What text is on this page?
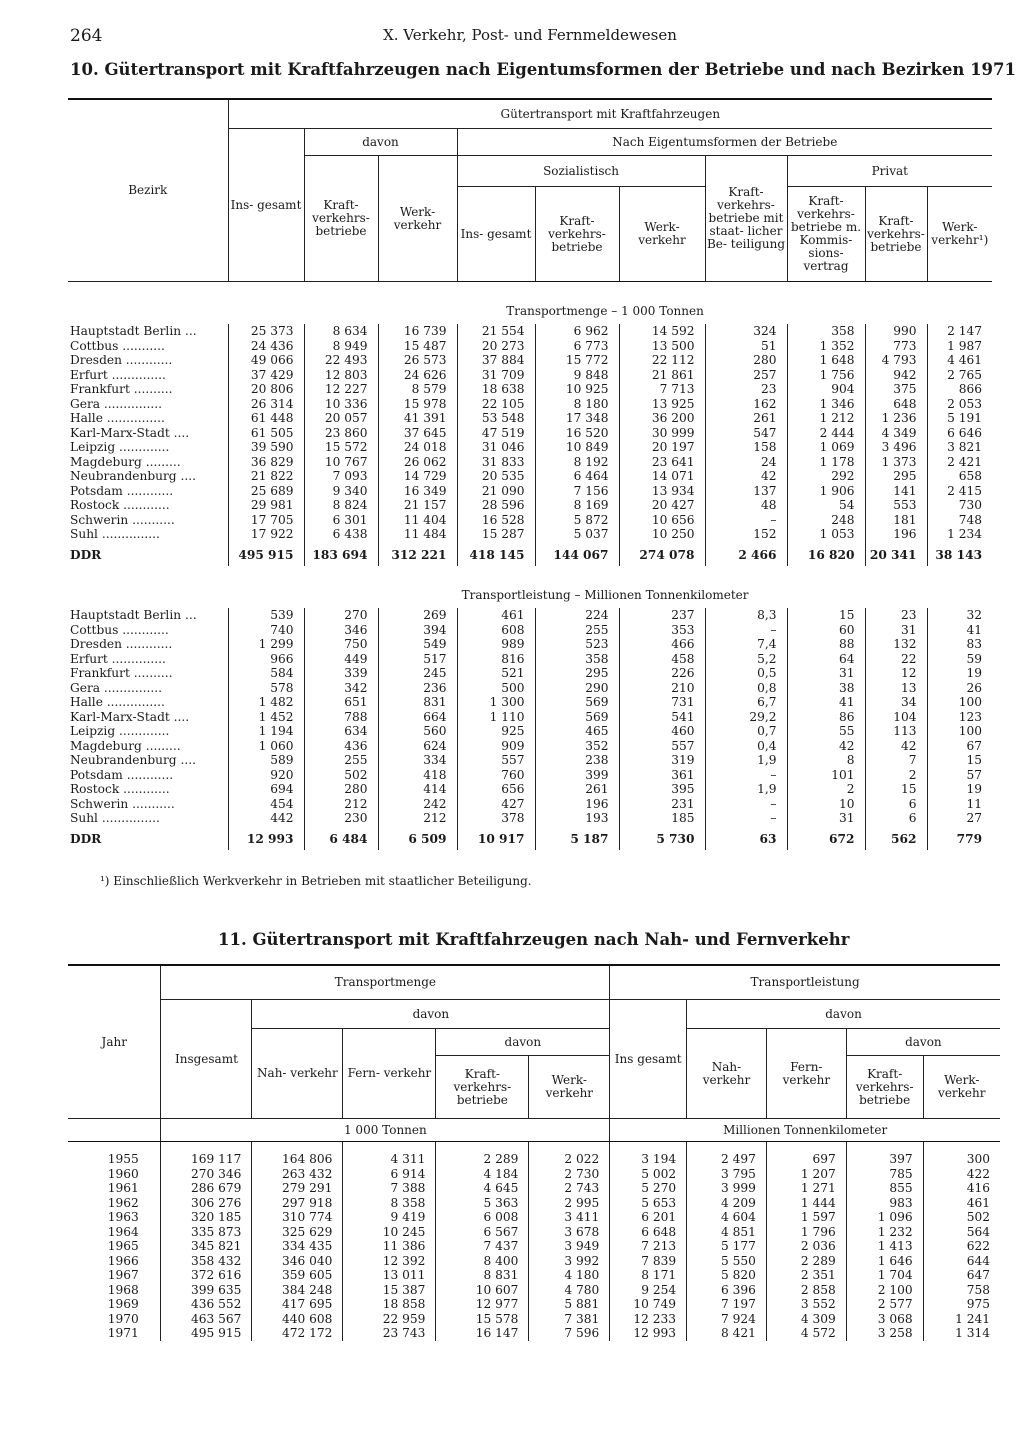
264	X. Verkehr, Post- und Fernmeldewesen
10. Gütertransport mit Kraftfahrzeugen nach Eigentumsformen der Betriebe und nach Bezirken 1971
Bezirk	Gütertransport mit Kraftfahrzeugen									
	Ins- gesamt	davon		Nach Eigentumsformen der Betriebe						
		Kraft- verkehrs- betriebe	Werk- verkehr	Sozialistisch			Kraft- verkehrs- betriebe mit staat- licher Be- teiligung	Privat		
				Ins- gesamt	Kraft- verkehrs- betriebe	Werk- verkehr		Kraft- verkehrs- betriebe m. Kommis- sions- vertrag	Kraft- verkehrs- betriebe	Werk- verkehr¹)
	Transportmenge – 1 000 Tonnen									
Hauptstadt Berlin ...	25 373	8 634	16 739	21 554	6 962	14 592	324	358	990	2 147
Cottbus ...........	24 436	8 949	15 487	20 273	6 773	13 500	51	1 352	773	1 987
Dresden ............	49 066	22 493	26 573	37 884	15 772	22 112	280	1 648	4 793	4 461
Erfurt ..............	37 429	12 803	24 626	31 709	9 848	21 861	257	1 756	942	2 765
Frankfurt ..........	20 806	12 227	8 579	18 638	10 925	7 713	23	904	375	866
Gera ...............	26 314	10 336	15 978	22 105	8 180	13 925	162	1 346	648	2 053
Halle ...............	61 448	20 057	41 391	53 548	17 348	36 200	261	1 212	1 236	5 191
Karl-Marx-Stadt ....	61 505	23 860	37 645	47 519	16 520	30 999	547	2 444	4 349	6 646
Leipzig .............	39 590	15 572	24 018	31 046	10 849	20 197	158	1 069	3 496	3 821
Magdeburg .........	36 829	10 767	26 062	31 833	8 192	23 641	24	1 178	1 373	2 421
Neubrandenburg ....	21 822	7 093	14 729	20 535	6 464	14 071	42	292	295	658
Potsdam ............	25 689	9 340	16 349	21 090	7 156	13 934	137	1 906	141	2 415
Rostock ............	29 981	8 824	21 157	28 596	8 169	20 427	48	54	553	730
Schwerin ...........	17 705	6 301	11 404	16 528	5 872	10 656	–	248	181	748
Suhl ...............	17 922	6 438	11 484	15 287	5 037	10 250	152	1 053	196	1 234
DDR	495 915	183 694	312 221	418 145	144 067	274 078	2 466	16 820	20 341	38 143
	Transportleistung – Millionen Tonnenkilometer									
Hauptstadt Berlin ...	539	270	269	461	224	237	8,3	15	23	32
Cottbus ............	740	346	394	608	255	353	–	60	31	41
Dresden ............	1 299	750	549	989	523	466	7,4	88	132	83
Erfurt ..............	966	449	517	816	358	458	5,2	64	22	59
Frankfurt ..........	584	339	245	521	295	226	0,5	31	12	19
Gera ...............	578	342	236	500	290	210	0,8	38	13	26
Halle ...............	1 482	651	831	1 300	569	731	6,7	41	34	100
Karl-Marx-Stadt ....	1 452	788	664	1 110	569	541	29,2	86	104	123
Leipzig .............	1 194	634	560	925	465	460	0,7	55	113	100
Magdeburg .........	1 060	436	624	909	352	557	0,4	42	42	67
Neubrandenburg ....	589	255	334	557	238	319	1,9	8	7	15
Potsdam ............	920	502	418	760	399	361	–	101	2	57
Rostock ............	694	280	414	656	261	395	1,9	2	15	19
Schwerin ...........	454	212	242	427	196	231	–	10	6	11
Suhl ...............	442	230	212	378	193	185	–	31	6	27
DDR	12 993	6 484	6 509	10 917	5 187	5 730	63	672	562	779
¹) Einschließlich Werkverkehr in Betrieben mit staatlicher Beteiligung.
11. Gütertransport mit Kraftfahrzeugen nach Nah- und Fernverkehr
Jahr	Transportmenge					Transportleistung				
	Insgesamt	davon				Ins gesamt	davon			
		Nah- verkehr	Fern- verkehr	davon			Nah- verkehr	Fern- verkehr	davon	
				Kraft- verkehrs- betriebe	Werk- verkehr				Kraft- verkehrs- betriebe	Werk- verkehr
	1 000 Tonnen					Millionen Tonnenkilometer				
1955	169 117	164 806	4 311	2 289	2 022	3 194	2 497	697	397	300
1960	270 346	263 432	6 914	4 184	2 730	5 002	3 795	1 207	785	422
1961	286 679	279 291	7 388	4 645	2 743	5 270	3 999	1 271	855	416
1962	306 276	297 918	8 358	5 363	2 995	5 653	4 209	1 444	983	461
1963	320 185	310 774	9 419	6 008	3 411	6 201	4 604	1 597	1 096	502
1964	335 873	325 629	10 245	6 567	3 678	6 648	4 851	1 796	1 232	564
1965	345 821	334 435	11 386	7 437	3 949	7 213	5 177	2 036	1 413	622
1966	358 432	346 040	12 392	8 400	3 992	7 839	5 550	2 289	1 646	644
1967	372 616	359 605	13 011	8 831	4 180	8 171	5 820	2 351	1 704	647
1968	399 635	384 248	15 387	10 607	4 780	9 254	6 396	2 858	2 100	758
1969	436 552	417 695	18 858	12 977	5 881	10 749	7 197	3 552	2 577	975
1970	463 567	440 608	22 959	15 578	7 381	12 233	7 924	4 309	3 068	1 241
1971	495 915	472 172	23 743	16 147	7 596	12 993	8 421	4 572	3 258	1 314
